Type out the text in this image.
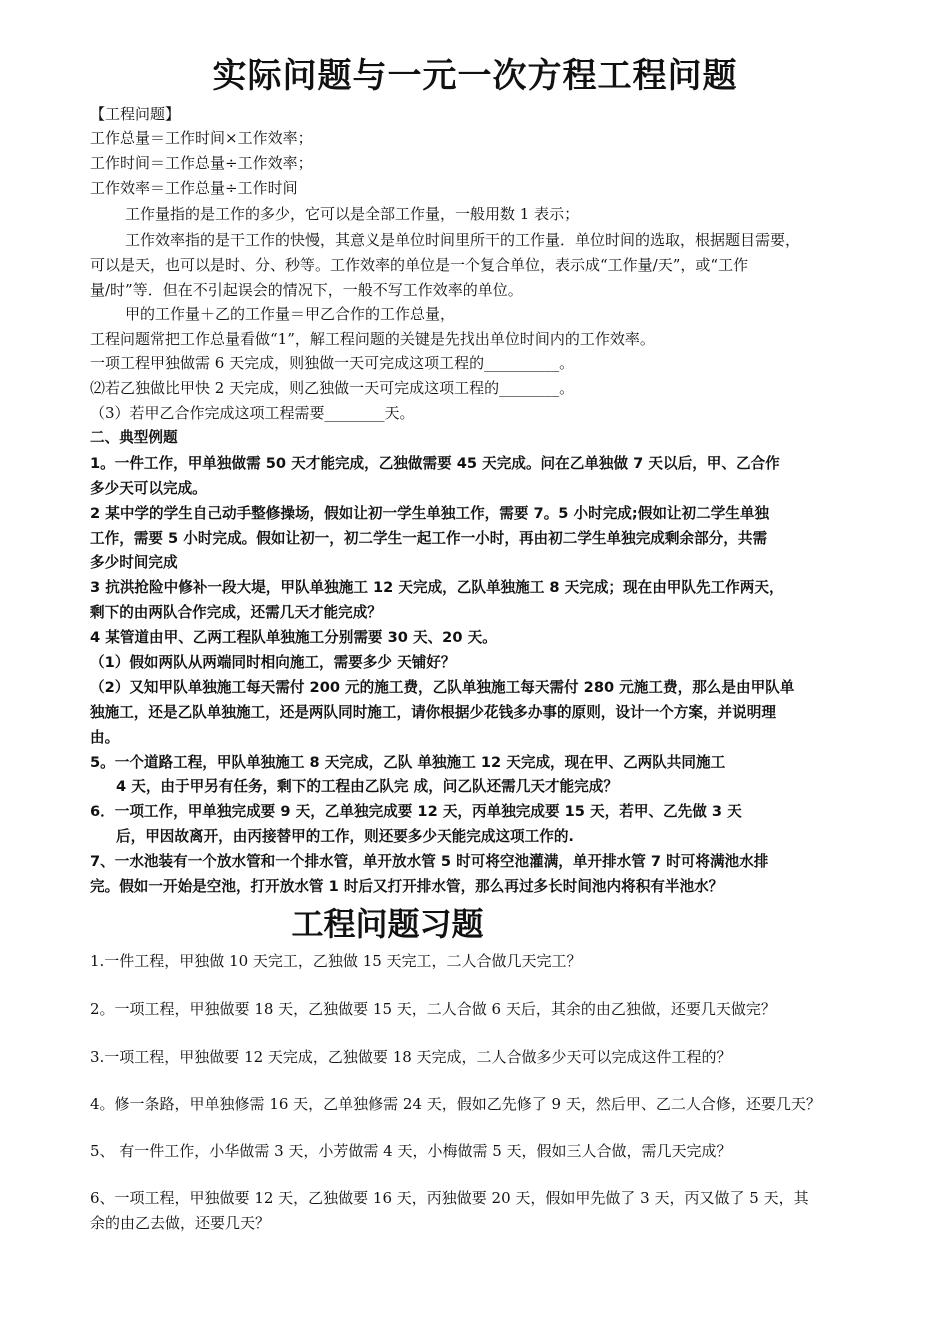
实际问题与一元一次方程工程问题
【工程问题】
工作总量＝工作时间×工作效率；
工作时间＝工作总量÷工作效率；
工作效率＝工作总量÷工作时间
工作量指的是工作的多少，它可以是全部工作量，一般用数 1 表示；
工作效率指的是干工作的快慢，其意义是单位时间里所干的工作量．单位时间的选取，根据题目需要，
可以是天，也可以是时、分、秒等。工作效率的单位是一个复合单位，表示成“工作量/天”，或“工作
量/时”等．但在不引起误会的情况下，一般不写工作效率的单位。
甲的工作量＋乙的工作量＝甲乙合作的工作总量，
工程问题常把工作总量看做“1”，解工程问题的关键是先找出单位时间内的工作效率。
一项工程甲独做需 6 天完成，则独做一天可完成这项工程的__________。
⑵若乙独做比甲快 2 天完成，则乙独做一天可完成这项工程的________。
（3）若甲乙合作完成这项工程需要________天。
二、典型例题
1。一件工作，甲单独做需 50 天才能完成，乙独做需要 45 天完成。问在乙单独做 7 天以后，甲、乙合作
多少天可以完成。
2 某中学的学生自己动手整修操场，假如让初一学生单独工作，需要 7。5 小时完成;假如让初二学生单独
工作，需要 5 小时完成。假如让初一，初二学生一起工作一小时，再由初二学生单独完成剩余部分，共需
多少时间完成
3 抗洪抢险中修补一段大堤，甲队单独施工 12 天完成，乙队单独施工 8 天完成；现在由甲队先工作两天，
剩下的由两队合作完成，还需几天才能完成？
4 某管道由甲、乙两工程队单独施工分别需要 30 天、20 天。
（1）假如两队从两端同时相向施工，需要多少 天铺好？
（2）又知甲队单独施工每天需付 200 元的施工费，乙队单独施工每天需付 280 元施工费，那么是由甲队单
独施工，还是乙队单独施工，还是两队同时施工，请你根据少花钱多办事的原则，设计一个方案，并说明理
由。
5。一个道路工程，甲队单独施工 8 天完成，乙队 单独施工 12 天完成，现在甲、乙两队共同施工
4 天，由于甲另有任务，剩下的工程由乙队完 成，问乙队还需几天才能完成？
6．一项工作，甲单独完成要 9 天，乙单独完成要 12 天，丙单独完成要 15 天，若甲、乙先做 3 天
后，甲因故离开，由丙接替甲的工作，则还要多少天能完成这项工作的.
7、一水池装有一个放水管和一个排水管，单开放水管 5 时可将空池灌满，单开排水管 7 时可将满池水排
完。假如一开始是空池，打开放水管 1 时后又打开排水管，那么再过多长时间池内将积有半池水？
工程问题习题
1.一件工程，甲独做 10 天完工，乙独做 15 天完工，二人合做几天完工？
2。一项工程，甲独做要 18 天，乙独做要 15 天，二人合做 6 天后，其余的由乙独做，还要几天做完？
3.一项工程，甲独做要 12 天完成，乙独做要 18 天完成，二人合做多少天可以完成这件工程的？
4。修一条路，甲单独修需 16 天，乙单独修需 24 天，假如乙先修了 9 天，然后甲、乙二人合修，还要几天？
5、 有一件工作，小华做需 3 天，小芳做需 4 天，小梅做需 5 天，假如三人合做，需几天完成？
6、一项工程，甲独做要 12 天，乙独做要 16 天，丙独做要 20 天，假如甲先做了 3 天，丙又做了 5 天，其
余的由乙去做，还要几天？
